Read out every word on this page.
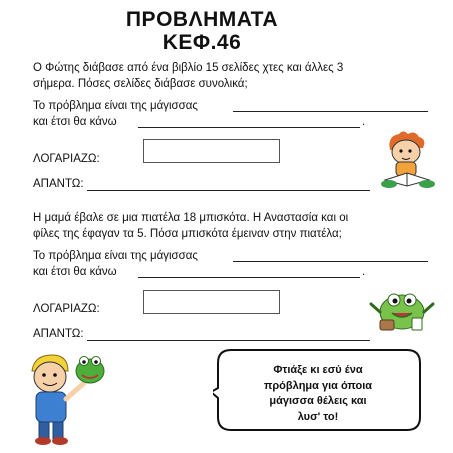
ΠΡΟΒΛΗΜΑΤΑ
ΚΕΦ.46
Ο Φώτης διάβασε από ένα βιβλίο 15 σελίδες χτες και άλλες 3
σήμερα. Πόσες σελίδες διάβασε συνολικά;
Το πρόβλημα είναι της μάγισσας
και έτσι θα κάνω	.
ΛΟΓΑΡΙΑΖΩ:
ΑΠΑΝΤΩ:
Η μαμά έβαλε σε μια πιατέλα 18 μπισκότα. Η Αναστασία και οι
φίλες της έφαγαν τα 5. Πόσα μπισκότα έμειναν στην πιατέλα;
Το πρόβλημα είναι της μάγισσας
και έτσι θα κάνω	.
ΛΟΓΑΡΙΑΖΩ:
ΑΠΑΝΤΩ:
Φτιάξε κι εσύ ένα
πρόβλημα για όποια
μάγισσα θέλεις και
λυσ' το!
